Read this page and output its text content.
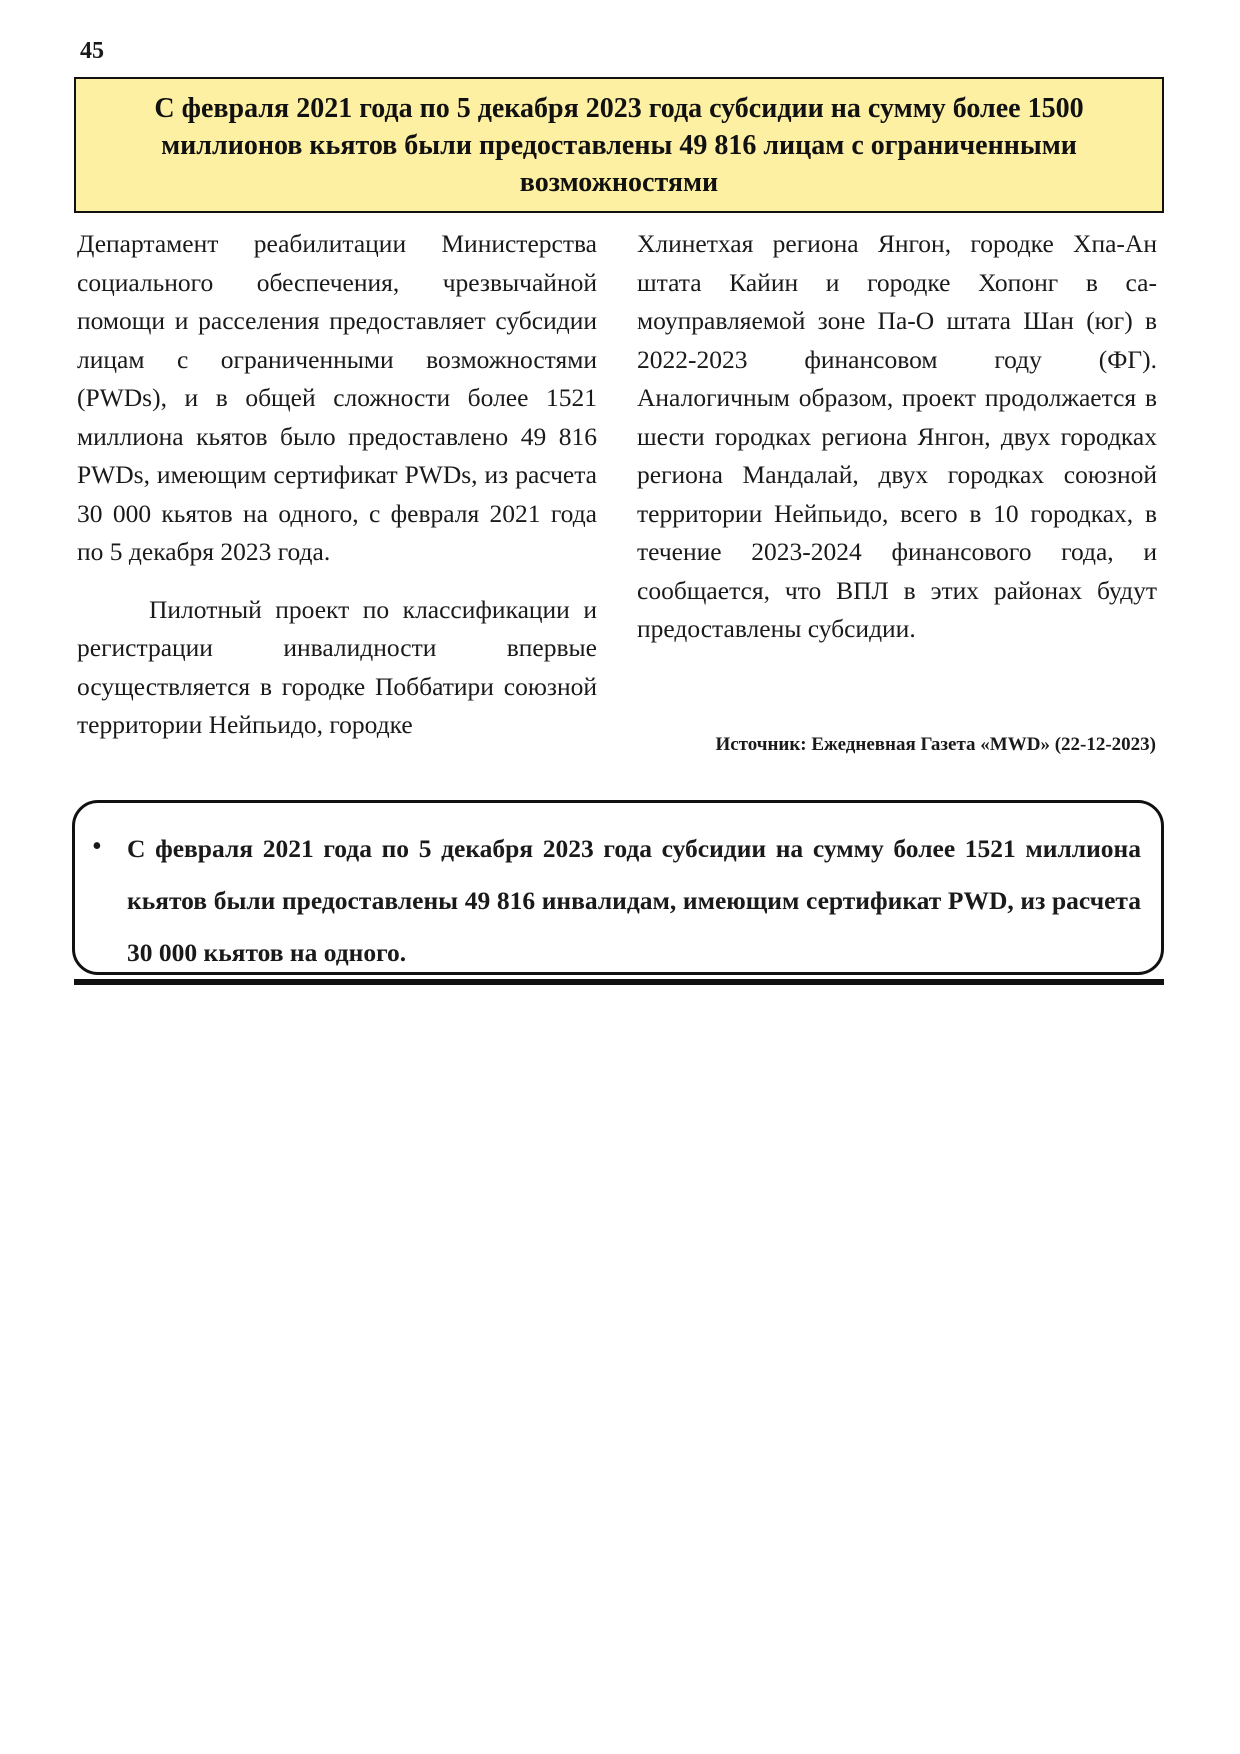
45
С февраля 2021 года по 5 декабря 2023 года субсидии на сумму более 1500 миллионов кьятов были предоставлены 49 816 лицам с ограниченными возможностями

Департамент реабилитации Министерства социального обеспечения, чрезвычайной помощи и расселения предоставляет субсидии лицам с ограниченными возможностями (PWDs), и в общей сложности более 1521 миллиона кьятов было предоставлено 49 816 PWDs, имеющим сертификат PWDs, из расчета 30 000 кьятов на одного, с февраля 2021 года по 5 декабря 2023 года.

Пилотный проект по классификации и регистрации инвалидности впервые осуществляется в городке Поббатири союзной территории Нейпьидо, городке

Хлинетхая региона Янгон, городке Хпа-Ан штата Кайин и городке Хопонг в самоуправляемой зоне Па-О штата Шан (юг) в 2022-2023 финансовом году (ФГ). Аналогичным образом, проект продолжается в шести городках региона Янгон, двух городках региона Мандалай, двух городках союзной территории Нейпьидо, всего в 10 городках, в течение 2023-2024 финансового года, и сообщается, что ВПЛ в этих районах будут предоставлены субсидии.

Источник: Ежедневная Газета «MWD» (22-12-2023)
• С февраля 2021 года по 5 декабря 2023 года субсидии на сумму более 1521 миллиона кьятов были предоставлены 49 816 инвалидам, имеющим сертификат PWD, из расчета 30 000 кьятов на одного.
